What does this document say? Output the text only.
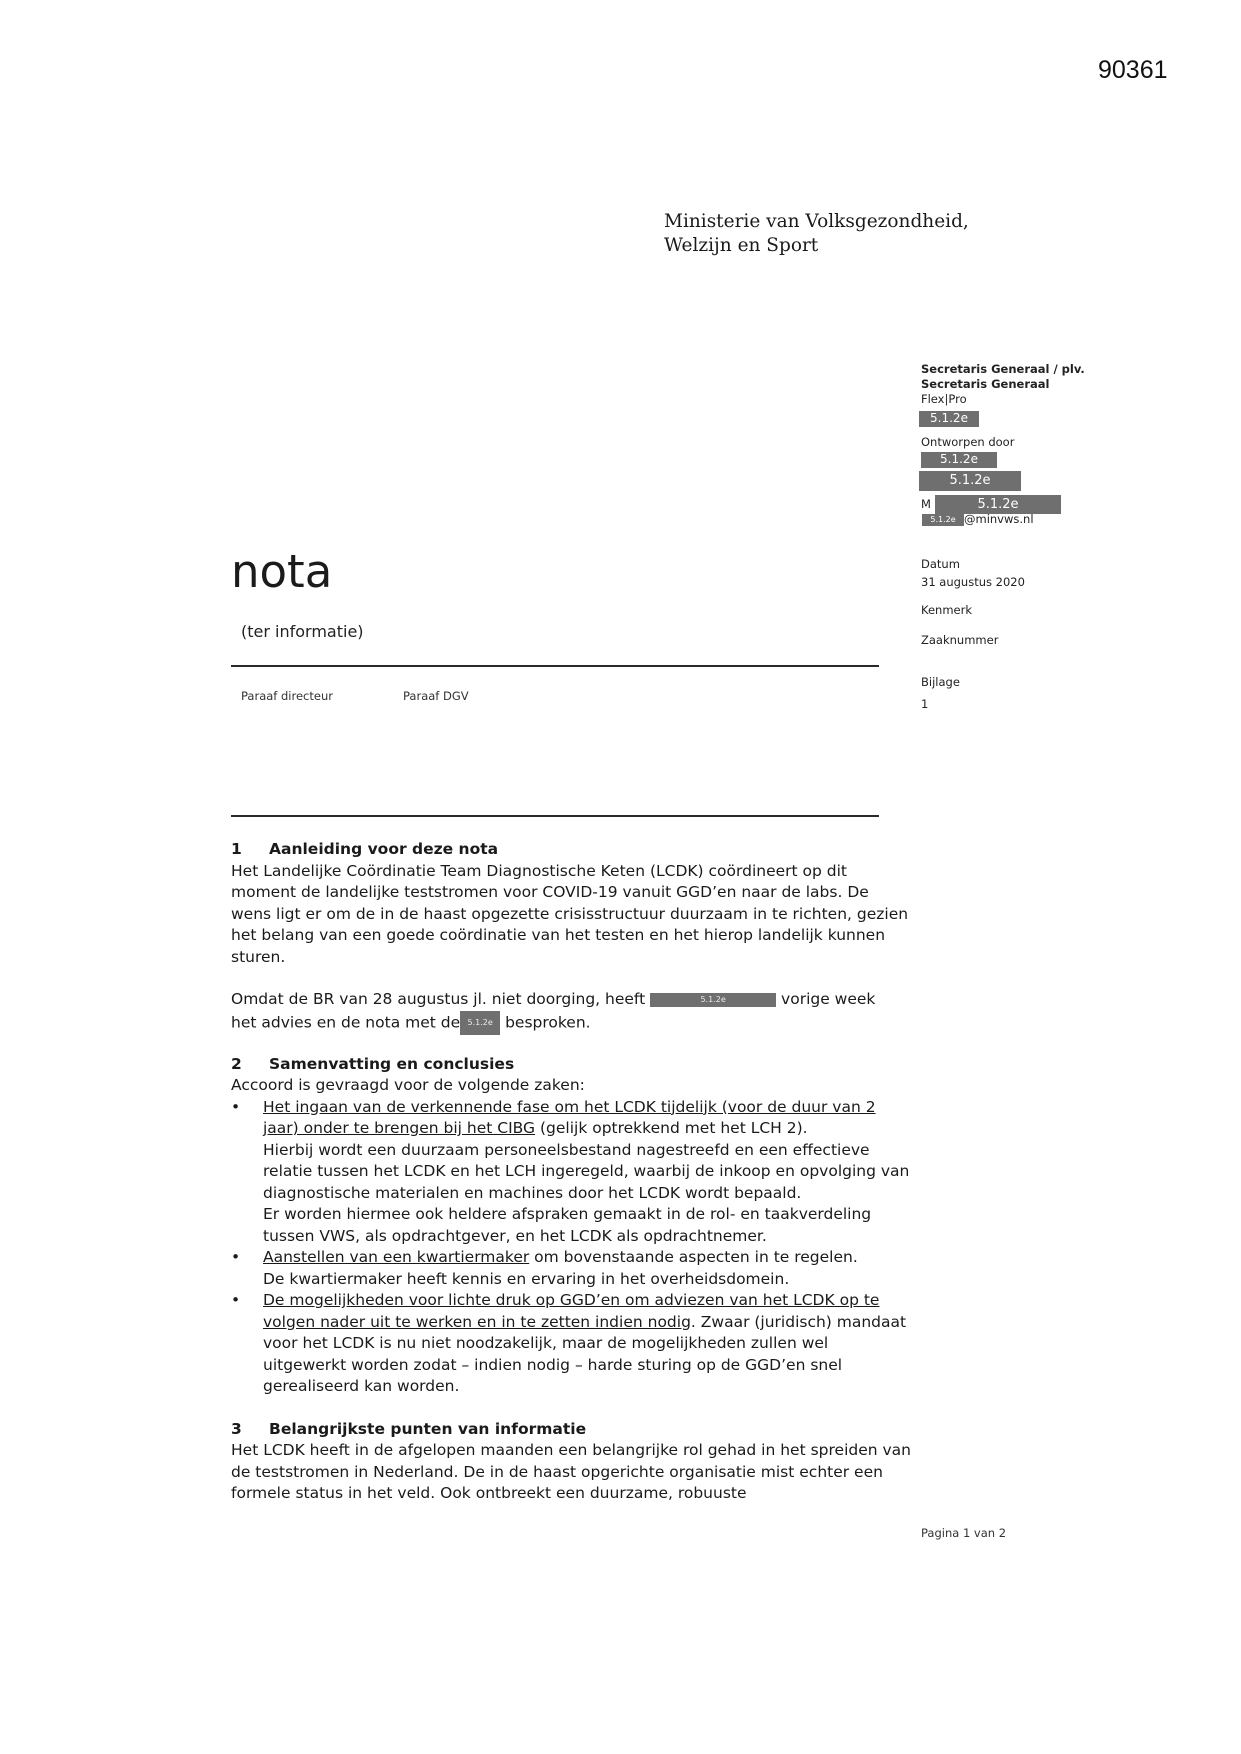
90361
Ministerie van Volksgezondheid,
Welzijn en Sport
Secretaris Generaal / plv.
Secretaris Generaal
Flex|Pro
5.1.2e
Ontworpen door
5.1.2e
5.1.2e
M	5.1.2e
5.1.2e @minvws.nl
Datum
31 augustus 2020
Kenmerk
Zaaknummer
Bijlage
1
nota
(ter informatie)
Paraaf directeur	Paraaf DGV
1 Aanleiding voor deze nota

Het Landelijke Coördinatie Team Diagnostische Keten (LCDK) coördineert op dit moment de landelijke teststromen voor COVID-19 vanuit GGD’en naar de labs. De wens ligt er om de in de haast opgezette crisisstructuur duurzaam in te richten, gezien het belang van een goede coördinatie van het testen en het hierop landelijk kunnen sturen.

Omdat de BR van 28 augustus jl. niet doorging, heeft	5.1.2e	vorige week
het advies en de nota met de 5.1.2e besproken.

2 Samenvatting en conclusies

Accoord is gevraagd voor de volgende zaken:

• Het ingaan van de verkennende fase om het LCDK tijdelijk (voor de duur van 2 jaar) onder te brengen bij het CIBG (gelijk optrekkend met het LCH 2).
Hierbij wordt een duurzaam personeelsbestand nagestreefd en een effectieve relatie tussen het LCDK en het LCH ingeregeld, waarbij de inkoop en opvolging van diagnostische materialen en machines door het LCDK wordt bepaald.
Er worden hiermee ook heldere afspraken gemaakt in de rol- en taakverdeling tussen VWS, als opdrachtgever, en het LCDK als opdrachtnemer.
• Aanstellen van een kwartiermaker om bovenstaande aspecten in te regelen.
De kwartiermaker heeft kennis en ervaring in het overheidsdomein.
• De mogelijkheden voor lichte druk op GGD’en om adviezen van het LCDK op te volgen nader uit te werken en in te zetten indien nodig. Zwaar (juridisch) mandaat voor het LCDK is nu niet noodzakelijk, maar de mogelijkheden zullen wel uitgewerkt worden zodat – indien nodig – harde sturing op de GGD’en snel gerealiseerd kan worden.
3 Belangrijkste punten van informatie

Het LCDK heeft in de afgelopen maanden een belangrijke rol gehad in het spreiden van de teststromen in Nederland. De in de haast opgerichte organisatie mist echter een formele status in het veld. Ook ontbreekt een duurzame, robuuste

Pagina 1 van 2
